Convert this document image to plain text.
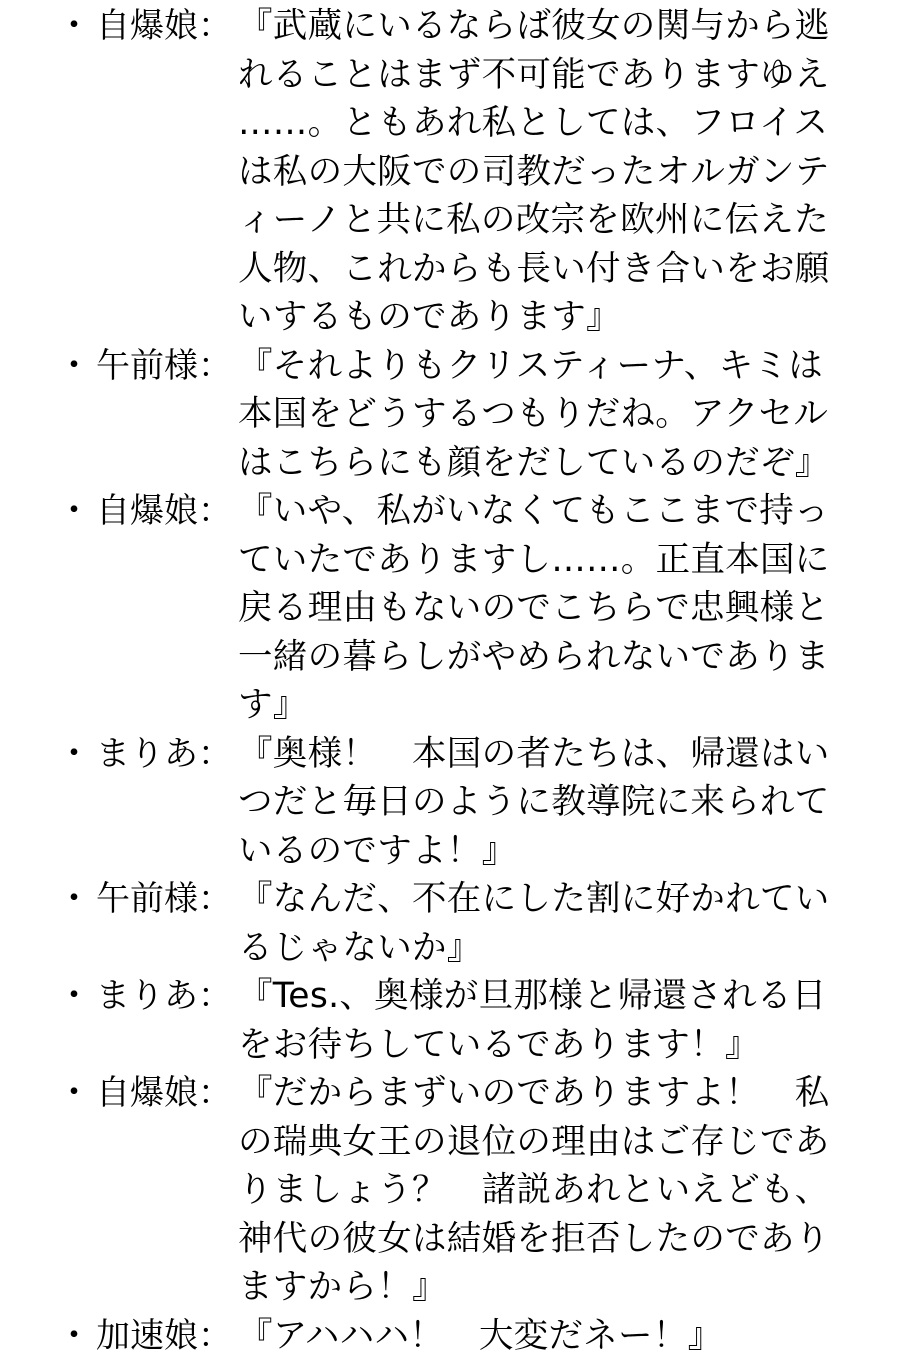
・ 自爆娘： 『武蔵にいるならば彼女の関与から逃れることはまず不可能でありますゆえ……。ともあれ私としては、フロイスは私の大阪での司教だったオルガンティーノと共に私の改宗を欧州に伝えた人物、これからも長い付き合いをお願いするものであります』
・ 午前様： 『それよりもクリスティーナ、キミは本国をどうするつもりだね。アクセルはこちらにも顔をだしているのだぞ』
・ 自爆娘： 『いや、私がいなくてもここまで持っていたでありますし……。正直本国に戻る理由もないのでこちらで忠興様と一緒の暮らしがやめられないであります』
・ まりあ： 『奥様！　本国の者たちは、帰還はいつだと毎日のように教導院に来られているのですよ！』
・ 午前様： 『なんだ、不在にした割に好かれているじゃないか』
・ まりあ： 『Tes.、奥様が旦那様と帰還される日をお待ちしているであります！』
・ 自爆娘： 『だからまずいのでありますよ！　私の瑞典女王の退位の理由はご存じでありましょう？　諸説あれといえども、神代の彼女は結婚を拒否したのでありますから！』
・ 加速娘： 『アハハハ！　大変だネー！』
